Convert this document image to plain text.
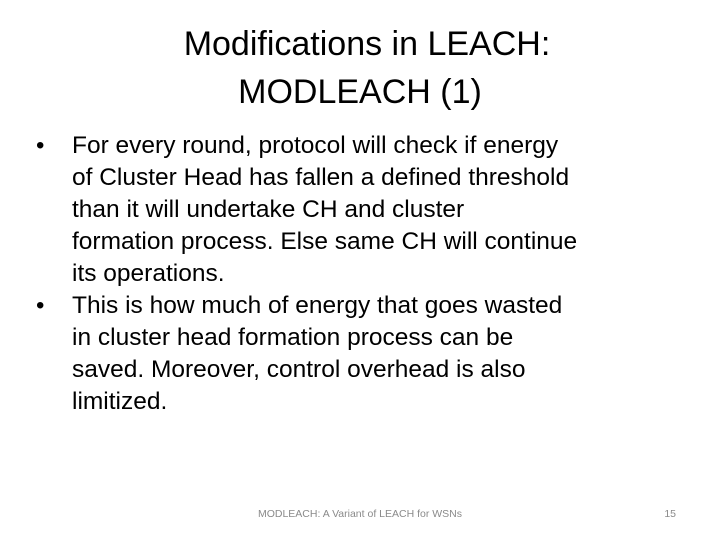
Modifications in LEACH:
MODLEACH (1)
•	For every round, protocol will check if energy
of Cluster Head has fallen a defined threshold
than it will undertake CH and cluster
formation process. Else same CH will continue
its operations.
•	This is how much of energy that goes wasted
in cluster head formation process can be
saved. Moreover, control overhead is also
limitized.
MODLEACH: A Variant of LEACH for WSNs	15
